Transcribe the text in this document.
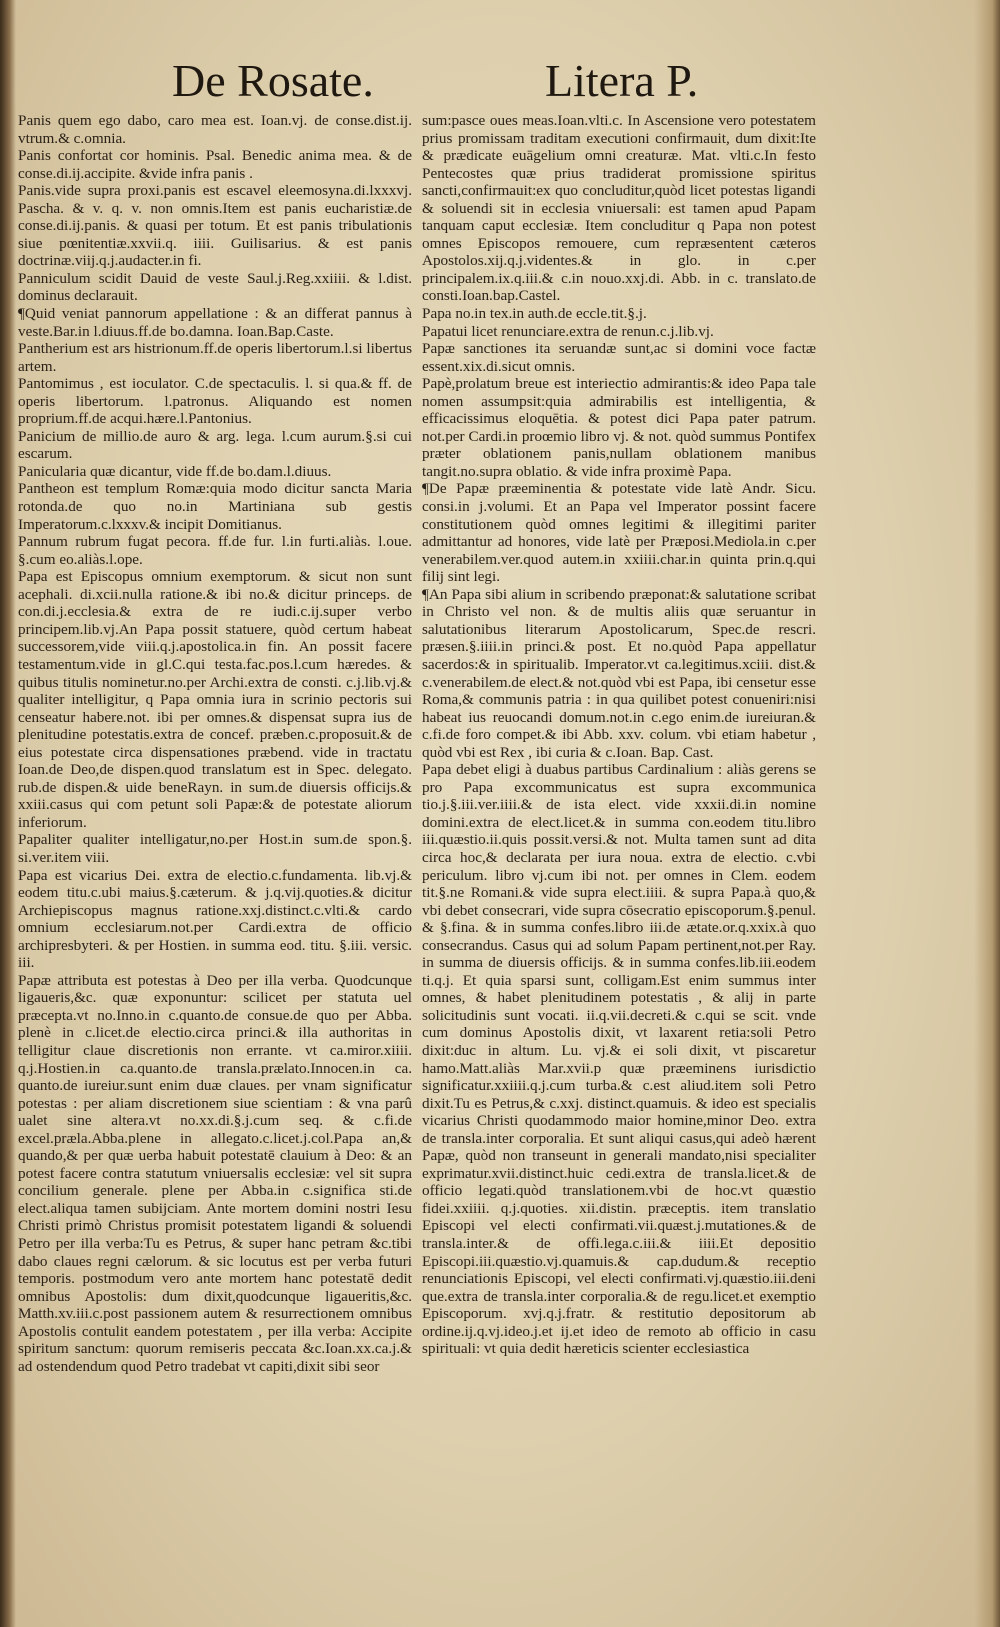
De Rosate.	Litera P.

Panis quem ego dabo, caro mea est. Ioan.vj. de conse.dist.ij. vtrum.& c.omnia.

Panis confortat cor hominis. Psal. Benedic anima mea. & de conse.di.ij.accipite. &vide infra panis .

Panis.vide supra proxi.panis est escavel eleemosyna.di.lxxxvj. Pascha. & v. q. v. non omnis.Item est panis eucharistiæ.de conse.di.ij.panis. & quasi per totum. Et est panis tribulationis siue pœnitentiæ.xxvii.q. iiii. Guilisarius. & est panis doctrinæ.viij.q.j.audacter.in fi.

Panniculum scidit Dauid de veste Saul.j.Reg.xxiiii. & l.dist. dominus declarauit.

¶Quid veniat pannorum appellatione : & an differat pannus à veste.Bar.in l.diuus.ff.de bo.damna. Ioan.Bap.Caste.

Pantherium est ars histrionum.ff.de operis libertorum.l.si libertus artem.

Pantomimus , est ioculator. C.de spectaculis. l. si qua.& ff. de operis libertorum. l.patronus. Aliquando est nomen proprium.ff.de acqui.hære.l.Pantonius.

Panicium de millio.de auro & arg. lega. l.cum aurum.§.si cui escarum.

Panicularia quæ dicantur, vide ff.de bo.dam.l.diuus.

Pantheon est templum Romæ:quia modo dicitur sancta Maria rotonda.de quo no.in Martiniana sub gestis Imperatorum.c.lxxxv.& incipit Domitianus.

Pannum rubrum fugat pecora. ff.de fur. l.in furti.aliàs. l.oue. §.cum eo.aliàs.l.ope.

Papa est Episcopus omnium exemptorum. & sicut non sunt acephali. di.xcii.nulla ratione.& ibi no.& dicitur princeps. de con.di.j.ecclesia.& extra de re iudi.c.ij.super verbo principem.lib.vj.An Papa possit statuere, quòd certum habeat successorem,vide viii.q.j.apostolica.in fin. An possit facere testamentum.vide in gl.C.qui testa.fac.pos.l.cum hæredes. & quibus titulis nominetur.no.per Archi.extra de consti. c.j.lib.vj.& qualiter intelligitur, q Papa omnia iura in scrinio pectoris sui censeatur habere.not. ibi per omnes.& dispensat supra ius de plenitudine potestatis.extra de concef. præben.c.proposuit.& de eius potestate circa dispensationes præbend. vide in tractatu Ioan.de Deo,de dispen.quod translatum est in Spec. delegato. rub.de dispen.& uide beneRayn. in sum.de diuersis officijs.& xxiii.casus qui com petunt soli Papæ:& de potestate aliorum inferiorum.

Papaliter qualiter intelligatur,no.per Host.in sum.de spon.§. si.ver.item viii.

Papa est vicarius Dei. extra de electio.c.fundamenta. lib.vj.& eodem titu.c.ubi maius.§.cæterum. & j.q.vij.quoties.& dicitur Archiepiscopus magnus ratione.xxj.distinct.c.vlti.& cardo omnium ecclesiarum.not.per Cardi.extra de officio archipresbyteri. & per Hostien. in summa eod. titu. §.iii. versic. iii.

Papæ attributa est potestas à Deo per illa verba. Quodcunque ligaueris,&c. quæ exponuntur: scilicet per statuta uel præcepta.vt no.Inno.in c.quanto.de consue.de quo per Abba. plenè in c.licet.de electio.circa princi.& illa authoritas in telligitur claue discretionis non errante. vt ca.miror.xiiii. q.j.Hostien.in ca.quanto.de transla.prælato.Innocen.in ca. quanto.de iureiur.sunt enim duæ claues. per vnam significatur potestas : per aliam discretionem siue scientiam : & vna parû ualet sine altera.vt no.xx.di.§.j.cum seq. & c.fi.de excel.præla.Abba.plene in allegato.c.licet.j.col.Papa an,& quando,& per quæ uerba habuit potestatē clauium à Deo: & an potest facere contra statutum vniuersalis ecclesiæ: vel sit supra concilium generale. plene per Abba.in c.significa sti.de elect.aliqua tamen subijciam. Ante mortem domini nostri Iesu Christi primò Christus promisit potestatem ligandi & soluendi Petro per illa verba:Tu es Petrus, & super hanc petram &c.tibi dabo claues regni cælorum. & sic locutus est per verba futuri temporis. postmodum vero ante mortem hanc potestatē dedit omnibus Apostolis: dum dixit,quodcunque ligaueritis,&c. Matth.xv.iii.c.post passionem autem & resurrectionem omnibus Apostolis contulit eandem potestatem , per illa verba: Accipite spiritum sanctum: quorum remiseris peccata &c.Ioan.xx.ca.j.& ad ostendendum quod Petro tradebat vt capiti,dixit sibi seor

sum:pasce oues meas.Ioan.vlti.c. In Ascensione vero potestatem prius promissam traditam executioni confirmauit, dum dixit:Ite & prædicate euāgelium omni creaturæ. Mat. vlti.c.In festo Pentecostes quæ prius tradiderat promissione spiritus sancti,confirmauit:ex quo concluditur,quòd licet potestas ligandi & soluendi sit in ecclesia vniuersali: est tamen apud Papam tanquam caput ecclesiæ. Item concluditur q Papa non potest omnes Episcopos remouere, cum repræsentent cæteros Apostolos.xij.q.j.videntes.& in glo. in c.per principalem.ix.q.iii.& c.in nouo.xxj.di. Abb. in c. translato.de consti.Ioan.bap.Castel.

Papa no.in tex.in auth.de eccle.tit.§.j.

Papatui licet renunciare.extra de renun.c.j.lib.vj.

Papæ sanctiones ita seruandæ sunt,ac si domini voce factæ essent.xix.di.sicut omnis.

Papè,prolatum breue est interiectio admirantis:& ideo Papa tale nomen assumpsit:quia admirabilis est intelligentia, & efficacissimus eloquētia. & potest dici Papa pater patrum. not.per Cardi.in proœmio libro vj. & not. quòd summus Pontifex præter oblationem panis,nullam oblationem manibus tangit.no.supra oblatio. & vide infra proximè Papa.

¶De Papæ præeminentia & potestate vide latè Andr. Sicu. consi.in j.volumi. Et an Papa vel Imperator possint facere constitutionem quòd omnes legitimi & illegitimi pariter admittantur ad honores, vide latè per Præposi.Mediola.in c.per venerabilem.ver.quod autem.in xxiiii.char.in quinta prin.q.qui filij sint legi.

¶An Papa sibi alium in scribendo præponat:& salutatione scribat in Christo vel non. & de multis aliis quæ seruantur in salutationibus literarum Apostolicarum, Spec.de rescri. præsen.§.iiii.in princi.& post. Et no.quòd Papa appellatur sacerdos:& in spiritualib. Imperator.vt ca.legitimus.xciii. dist.& c.venerabilem.de elect.& not.quòd vbi est Papa, ibi censetur esse Roma,& communis patria : in qua quilibet potest conueniri:nisi habeat ius reuocandi domum.not.in c.ego enim.de iureiuran.& c.fi.de foro compet.& ibi Abb. xxv. colum. vbi etiam habetur , quòd vbi est Rex , ibi curia & c.Ioan. Bap. Cast.

Papa debet eligi à duabus partibus Cardinalium : aliàs gerens se pro Papa excommunicatus est supra excommunica tio.j.§.iii.ver.iiii.& de ista elect. vide xxxii.di.in nomine domini.extra de elect.licet.& in summa con.eodem titu.libro iii.quæstio.ii.quis possit.versi.& not. Multa tamen sunt ad dita circa hoc,& declarata per iura noua. extra de electio. c.vbi periculum. libro vj.cum ibi not. per omnes in Clem. eodem tit.§.ne Romani.& vide supra elect.iiii. & supra Papa.à quo,& vbi debet consecrari, vide supra cōsecratio episcoporum.§.penul. & §.fina. & in summa confes.libro iii.de ætate.or.q.xxix.à quo consecrandus. Casus qui ad solum Papam pertinent,not.per Ray. in summa de diuersis officijs. & in summa confes.lib.iii.eodem ti.q.j. Et quia sparsi sunt, colligam.Est enim summus inter omnes, & habet plenitudinem potestatis , & alij in parte solicitudinis sunt vocati. ii.q.vii.decreti.& c.qui se scit. vnde cum dominus Apostolis dixit, vt laxarent retia:soli Petro dixit:duc in altum. Lu. vj.& ei soli dixit, vt piscaretur hamo.Matt.aliàs Mar.xvii.p quæ præeminens iurisdictio significatur.xxiiii.q.j.cum turba.& c.est aliud.item soli Petro dixit.Tu es Petrus,& c.xxj. distinct.quamuis. & ideo est specialis vicarius Christi quodammodo maior homine,minor Deo. extra de transla.inter corporalia. Et sunt aliqui casus,qui adeò hærent Papæ, quòd non transeunt in generali mandato,nisi specialiter exprimatur.xvii.distinct.huic cedi.extra de transla.licet.& de officio legati.quòd translationem.vbi de hoc.vt quæstio fidei.xxiiii. q.j.quoties. xii.distin. præceptis. item translatio Episcopi vel electi confirmati.vii.quæst.j.mutationes.& de transla.inter.& de offi.lega.c.iii.& iiii.Et depositio Episcopi.iii.quæstio.vj.quamuis.& cap.dudum.& receptio renunciationis Episcopi, vel electi confirmati.vj.quæstio.iii.deni que.extra de transla.inter corporalia.& de regu.licet.et exemptio Episcoporum. xvj.q.j.fratr. & restitutio depositorum ab ordine.ij.q.vj.ideo.j.et ij.et ideo de remoto ab officio in casu spirituali: vt quia dedit hæreticis scienter ecclesiastica
